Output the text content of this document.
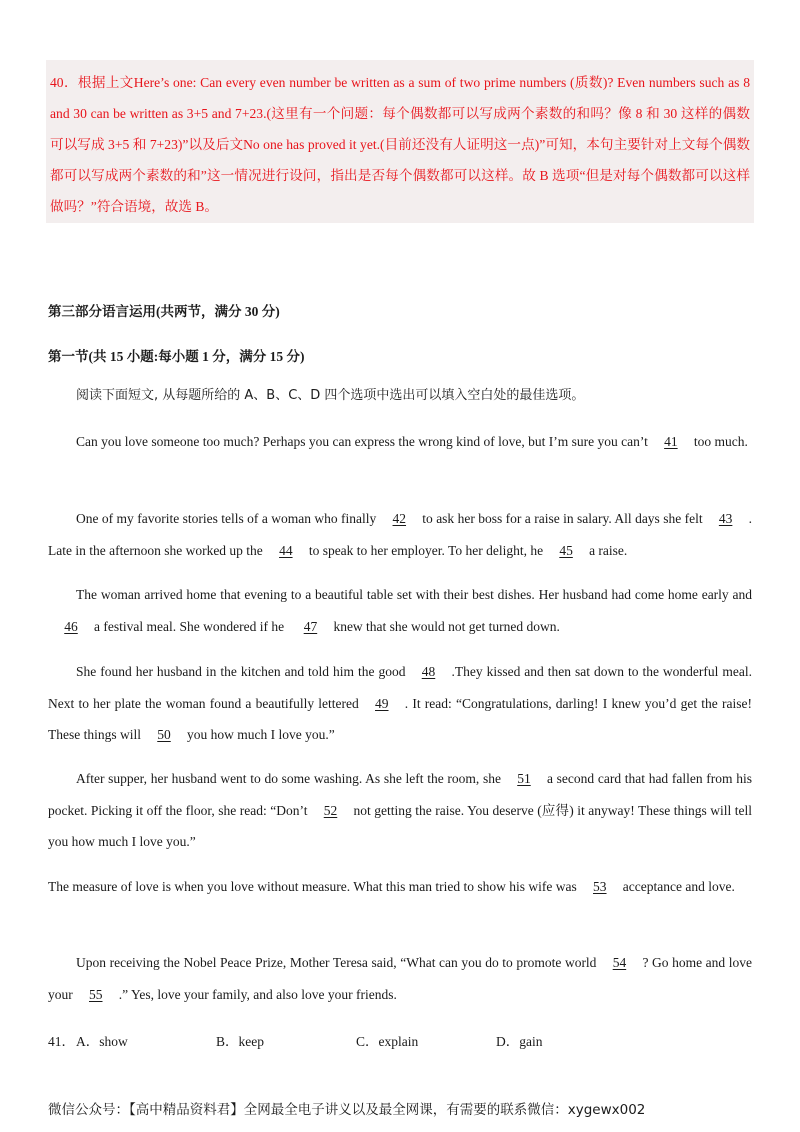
40．根据上文Here’s one: Can every even number be written as a sum of two prime numbers (质数)? Even numbers such as 8 and 30 can be written as 3+5 and 7+23.(这里有一个问题：每个偶数都可以写成两个素数的和吗？像 8 和 30 这样的偶数可以写成 3+5 和 7+23)”以及后文No one has proved it yet.(目前还没有人证明这一点)”可知，本句主要针对上文每个偶数都可以写成两个素数的和”这一情况进行设问，指出是否每个偶数都可以这样。故 B 选项“但是对每个偶数都可以这样做吗？”符合语境，故选 B。

第三部分语言运用(共两节，满分 30 分)

第一节(共 15 小题:每小题 1 分，满分 15 分)

阅读下面短文, 从每题所给的 A、B、C、D 四个选项中选出可以填入空白处的最佳选项。

Can you love someone too much? Perhaps you can express the wrong kind of love, but I’m sure you can’t 41 too much.

One of my favorite stories tells of a woman who finally 42 to ask her boss for a raise in salary. All days she felt 43 . Late in the afternoon she worked up the 44 to speak to her employer. To her delight, he 45 a raise.

The woman arrived home that evening to a beautiful table set with their best dishes. Her husband had come home early and 46 a festival meal. She wondered if he 47 knew that she would not get turned down.

She found her husband in the kitchen and told him the good 48 .They kissed and then sat down to the wonderful meal. Next to her plate the woman found a beautifully lettered 49 . It read: “Congratulations, darling! I knew you’d get the raise! These things will 50 you how much I love you.”

After supper, her husband went to do some washing. As she left the room, she 51 a second card that had fallen from his pocket. Picking it off the floor, she read: “Don’t 52 not getting the raise. You deserve (应得) it anyway! These things will tell you how much I love you.”

The measure of love is when you love without measure. What this man tried to show his wife was 53 acceptance and love.

Upon receiving the Nobel Peace Prize, Mother Teresa said, “What can you do to promote world 54 ? Go home and love your 55 .” Yes, love your family, and also love your friends.

41． A．show	B．keep	C．explain	D．gain

微信公众号：【高中精品资料君】全网最全电子讲义以及最全网课，有需要的联系微信：xygewx002
